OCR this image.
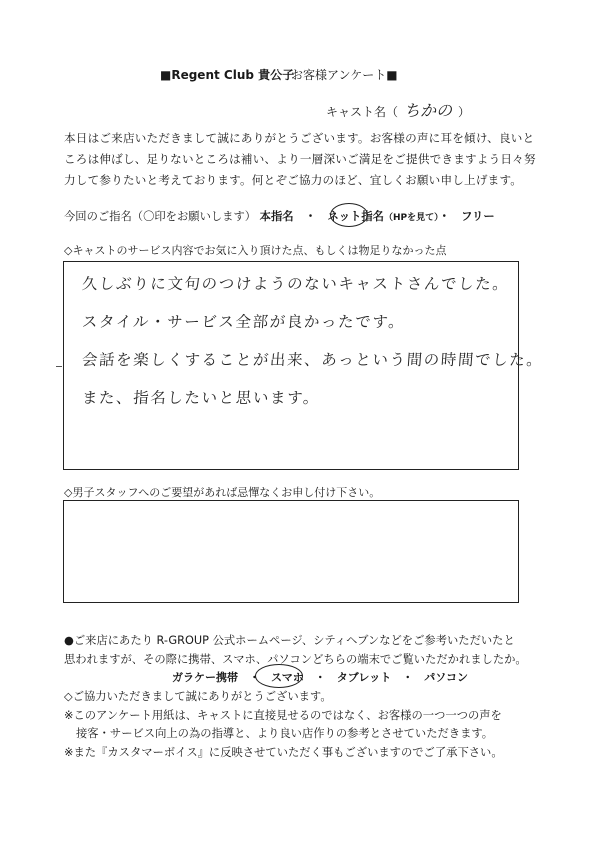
■Regent Club 貴公子
お客様アンケート■
キャスト名（ ちかの ）
本日はご来店いただきまして誠にありがとうございます。お客様の声に耳を傾け、良いと
ころは伸ばし、足りないところは補い、より一層深いご満足をご提供できますよう日々努
力して参りたいと考えております。何とぞご協力のほど、宜しくお願い申し上げます。
今回のご指名（〇印をお願いします） 本指名　・　ネット指名（HPを見て）・　フリー
◇キャストのサービス内容でお気に入り頂けた点、もしくは物足りなかった点
久しぶりに文句のつけようのないキャストさんでした。
スタイル・サービス全部が良かったです。
会話を楽しくすることが出来、あっという間の時間でした。
また、指名したいと思います。
◇男子スタッフへのご要望があれば忌憚なくお申し付け下さい。
●ご来店にあたり R-GROUP 公式ホームページ、シティヘブンなどをご参考いただいたと
思われますが、その際に携帯、スマホ、パソコンどちらの端末でご覧いただかれましたか。
ガラケー携帯　・　スマホ　・　タブレット　・　パソコン
◇ご協力いただきまして誠にありがとうございます。
※このアンケート用紙は、キャストに直接見せるのではなく、お客様の一つ一つの声を
接客・サービス向上の為の指導と、より良い店作りの参考とさせていただきます。
※また『カスタマーボイス』に反映させていただく事もございますのでご了承下さい。
